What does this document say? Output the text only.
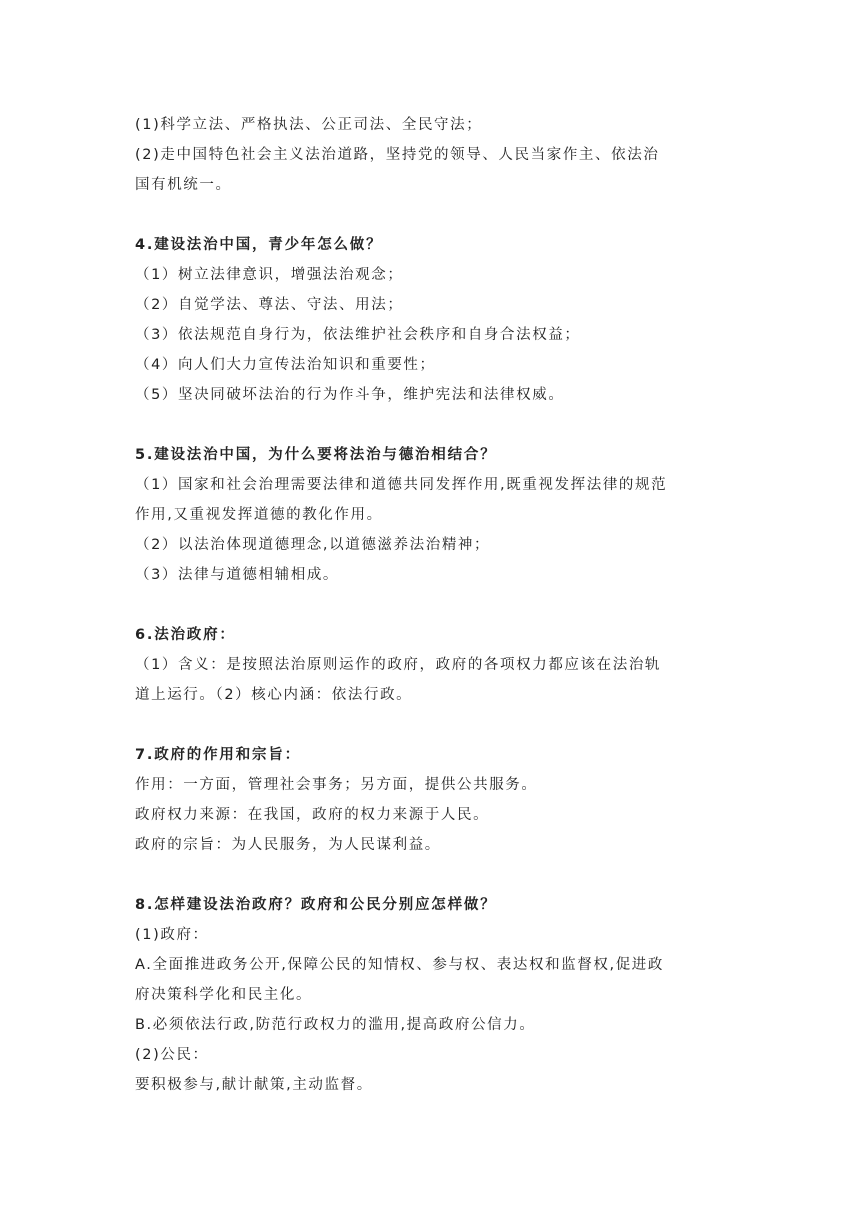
(1)科学立法、严格执法、公正司法、全民守法；
(2)走中国特色社会主义法治道路，坚持党的领导、人民当家作主、依法治
国有机统一。
4.建设法治中国，青少年怎么做？
（1）树立法律意识，增强法治观念；
（2）自觉学法、尊法、守法、用法；
（3）依法规范自身行为，依法维护社会秩序和自身合法权益；
（4）向人们大力宣传法治知识和重要性；
（5）坚决同破坏法治的行为作斗争，维护宪法和法律权威。
5.建设法治中国，为什么要将法治与德治相结合？
（1）国家和社会治理需要法律和道德共同发挥作用,既重视发挥法律的规范
作用,又重视发挥道德的教化作用。
（2）以法治体现道德理念,以道德滋养法治精神；
（3）法律与道德相辅相成。
6.法治政府：
（1）含义：是按照法治原则运作的政府，政府的各项权力都应该在法治轨
道上运行。（2）核心内涵：依法行政。
7.政府的作用和宗旨：
作用：一方面，管理社会事务；另方面，提供公共服务。
政府权力来源：在我国，政府的权力来源于人民。
政府的宗旨：为人民服务，为人民谋利益。
8.怎样建设法治政府？政府和公民分别应怎样做？
(1)政府：
A.全面推进政务公开,保障公民的知情权、参与权、表达权和监督权,促进政
府决策科学化和民主化。
B.必须依法行政,防范行政权力的滥用,提高政府公信力。
(2)公民：
要积极参与,献计献策,主动监督。
